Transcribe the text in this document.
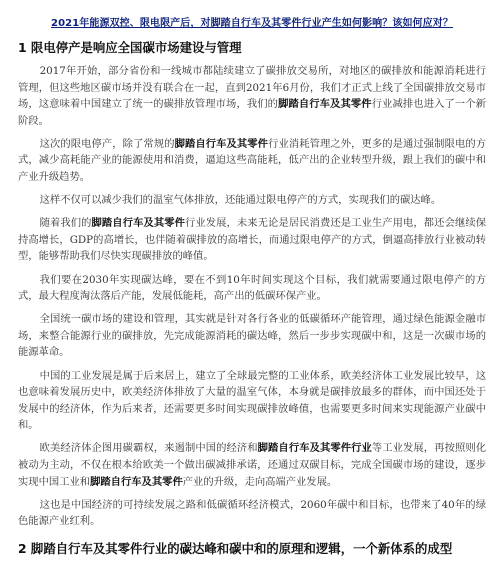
2021年能源双控、限电限产后，对脚踏自行车及其零件行业产生如何影响？该如何应对？
1 限电停产是响应全国碳市场建设与管理

2017年开始，部分省份和一线城市都陆续建立了碳排放交易所，对地区的碳排放和能源消耗进行管理，但这些地区碳市场并没有联合在一起，直到2021年6月份，我们才正式上线了全国碳排放交易市场，这意味着中国建立了统一的碳排放管理市场，我们的脚踏自行车及其零件行业减排也进入了一个新阶段。

这次的限电停产，除了常规的脚踏自行车及其零件行业消耗管理之外，更多的是通过强制限电的方式，减少高耗能产业的能源使用和消费，逼迫这些高能耗，低产出的企业转型升级，跟上我们的碳中和产业升级趋势。

这样不仅可以减少我们的温室气体排放，还能通过限电停产的方式，实现我们的碳达峰。

随着我们的脚踏自行车及其零件行业发展，未来无论是居民消费还是工业生产用电，都还会继续保持高增长，GDP的高增长，也伴随着碳排放的高增长，而通过限电停产的方式，倒逼高排放行业被动转型，能够帮助我们尽快实现碳排放的峰值。

我们要在2030年实现碳达峰，要在不到10年时间实现这个目标，我们就需要通过限电停产的方式，最大程度淘汰落后产能，发展低能耗，高产出的低碳环保产业。

全国统一碳市场的建设和管理，其实就是针对各行各业的低碳循环产能管理，通过绿色能源金融市场，来整合能源行业的碳排放，先完成能源消耗的碳达峰，然后一步步实现碳中和，这是一次碳市场的能源革命。

中国的工业发展是属于后来居上，建立了全球最完整的工业体系，欧美经济体工业发展比较早，这也意味着发展历史中，欧美经济体排放了大量的温室气体，本身就是碳排放最多的群体，而中国还处于发展中的经济体，作为后来者，还需要更多时间实现碳排放峰值，也需要更多时间来实现能源产业碳中和。

欧美经济体企图用碳霸权，来遏制中国的经济和脚踏自行车及其零件行业等工业发展，再按照则化被动为主动，不仅在根本给欧美一个做出碳减排承诺，还通过双碳目标，完成全国碳市场的建设，逐步实现中国工业和脚踏自行车及其零件产业的升级，走向高端产业发展。

这也是中国经济的可持续发展之路和低碳循环经济模式，2060年碳中和目标，也带来了40年的绿色能源产业红利。

2 脚踏自行车及其零件行业的碳达峰和碳中和的原理和逻辑，一个新体系的成型
